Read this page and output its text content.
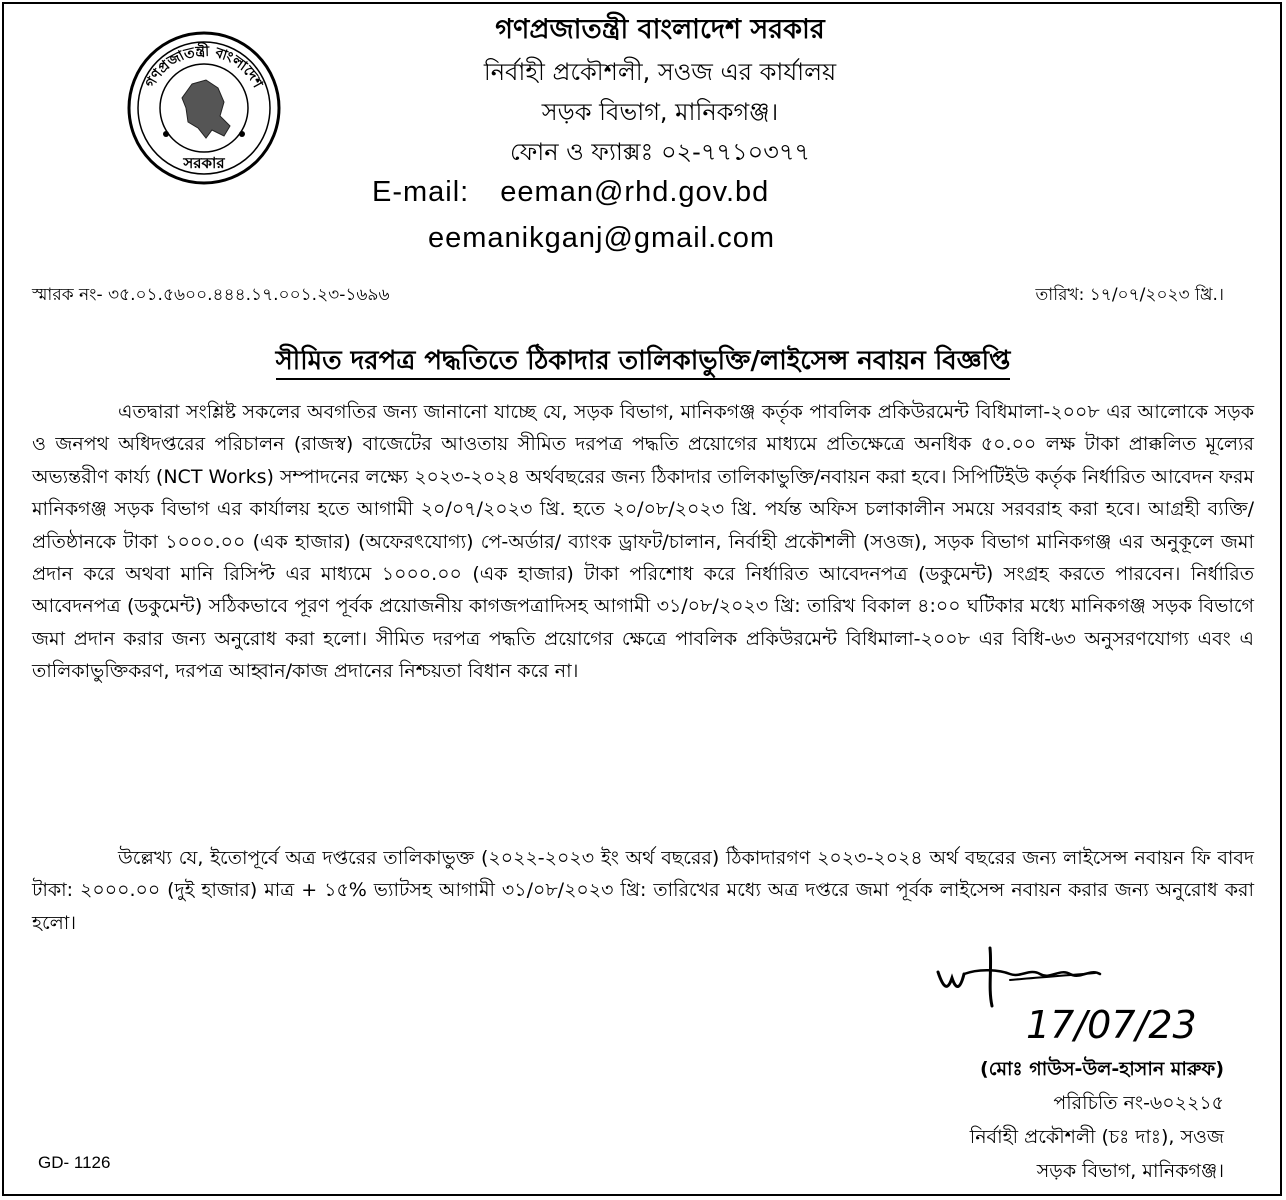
গণপ্রজাতন্ত্রী বাংলাদেশ
সরকার
গণপ্রজাতন্ত্রী বাংলাদেশ সরকার
নির্বাহী প্রকৌশলী, সওজ এর কার্যালয়
সড়ক বিভাগ, মানিকগঞ্জ।
ফোন ও ফ্যাক্সঃ ০২-৭৭১০৩৭৭
E-mail: eeman@rhd.gov.bd
eemanikganj@gmail.com
স্মারক নং- ৩৫.০১.৫৬০০.৪৪৪.১৭.০০১.২৩-১৬৯৬	তারিখ: ১৭/০৭/২০২৩ খ্রি.।
সীমিত দরপত্র পদ্ধতিতে ঠিকাদার তালিকাভুক্তি/লাইসেন্স নবায়ন বিজ্ঞপ্তি

এতদ্বারা সংশ্লিষ্ট সকলের অবগতির জন্য জানানো যাচ্ছে যে, সড়ক বিভাগ, মানিকগঞ্জ কর্তৃক পাবলিক প্রকিউরমেন্ট বিধিমালা-২০০৮ এর আলোকে সড়ক ও জনপথ অধিদপ্তরের পরিচালন (রাজস্ব) বাজেটের আওতায় সীমিত দরপত্র পদ্ধতি প্রয়োগের মাধ্যমে প্রতিক্ষেত্রে অনধিক ৫০.০০ লক্ষ টাকা প্রাক্কলিত মূল্যের অভ্যন্তরীণ কার্য্য (NCT Works) সম্পাদনের লক্ষ্যে ২০২৩-২০২৪ অর্থবছরের জন্য ঠিকাদার তালিকাভুক্তি/নবায়ন করা হবে। সিপিটিইউ কর্তৃক নির্ধারিত আবেদন ফরম মানিকগঞ্জ সড়ক বিভাগ এর কার্যালয় হতে আগামী ২০/০৭/২০২৩ খ্রি. হতে ২০/০৮/২০২৩ খ্রি. পর্যন্ত অফিস চলাকালীন সময়ে সরবরাহ করা হবে। আগ্রহী ব্যক্তি/প্রতিষ্ঠানকে টাকা ১০০০.০০ (এক হাজার) (অফেরৎযোগ্য) পে-অর্ডার/ ব্যাংক ড্রাফট/চালান, নির্বাহী প্রকৌশলী (সওজ), সড়ক বিভাগ মানিকগঞ্জ এর অনুকূলে জমা প্রদান করে অথবা মানি রিসিপ্ট এর মাধ্যমে ১০০০.০০ (এক হাজার) টাকা পরিশোধ করে নির্ধারিত আবেদনপত্র (ডকুমেন্ট) সংগ্রহ করতে পারবেন। নির্ধারিত আবেদনপত্র (ডকুমেন্ট) সঠিকভাবে পূরণ পূর্বক প্রয়োজনীয় কাগজপত্রাদিসহ আগামী ৩১/০৮/২০২৩ খ্রি: তারিখ বিকাল ৪:০০ ঘটিকার মধ্যে মানিকগঞ্জ সড়ক বিভাগে জমা প্রদান করার জন্য অনুরোধ করা হলো। সীমিত দরপত্র পদ্ধতি প্রয়োগের ক্ষেত্রে পাবলিক প্রকিউরমেন্ট বিধিমালা-২০০৮ এর বিধি-৬৩ অনুসরণযোগ্য এবং এ তালিকাভুক্তিকরণ, দরপত্র আহ্বান/কাজ প্রদানের নিশ্চয়তা বিধান করে না।

উল্লেখ্য যে, ইতোপূর্বে অত্র দপ্তরের তালিকাভুক্ত (২০২২-২০২৩ ইং অর্থ বছরের) ঠিকাদারগণ ২০২৩-২০২৪ অর্থ বছরের জন্য লাইসেন্স নবায়ন ফি বাবদ টাকা: ২০০০.০০ (দুই হাজার) মাত্র + ১৫% ভ্যাটসহ আগামী ৩১/০৮/২০২৩ খ্রি: তারিখের মধ্যে অত্র দপ্তরে জমা পূর্বক লাইসেন্স নবায়ন করার জন্য অনুরোধ করা হলো।

17/07/23
(মোঃ গাউস-উল-হাসান মারুফ)
পরিচিতি নং-৬০২২১৫
নির্বাহী প্রকৌশলী (চঃ দাঃ), সওজ
সড়ক বিভাগ, মানিকগঞ্জ।
GD- 1126
